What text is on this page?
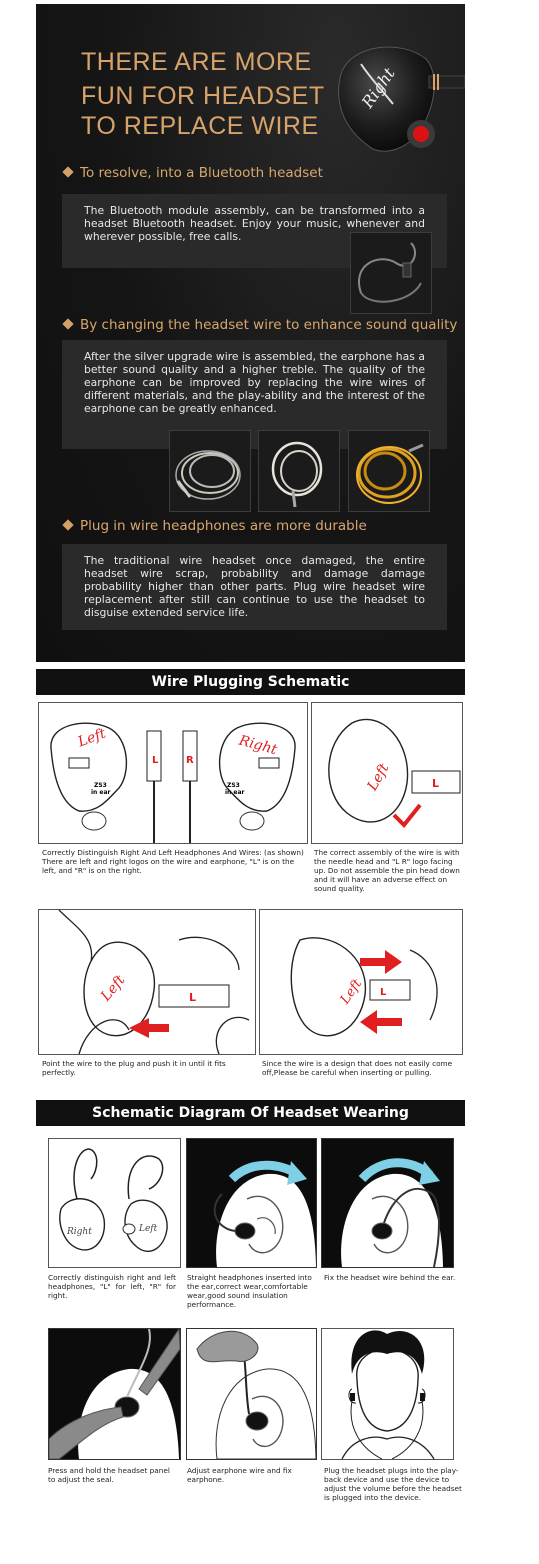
THERE ARE MORE
FUN FOR HEADSET
TO REPLACE WIRE
Right
To resolve, into a Bluetooth headset
The Bluetooth module assembly, can be transformed into a headset Bluetooth headset. Enjoy your music, whenever and wherever possible, free calls.
By changing the headset wire to enhance sound quality
After the silver upgrade wire is assembled, the earphone has a better sound quality and a higher treble. The quality of the earphone can be improved by replacing the wire wires of different materials, and the play-ability and the interest of the earphone can be greatly enhanced.
Plug in wire headphones are more durable
The traditional wire headset once damaged, the entire headset wire scrap, probability and damage damage probability higher than other parts. Plug wire headset wire replacement after still can continue to use the headset to disguise extended service life.
Wire Plugging Schematic
Left
ZS3
in ear
L	R
Right
ZS3
in ear	Left	L
Correctly Distinguish Right And Left Headphones And Wires: (as shown) There are left and right logos on the wire and earphone, "L" is on the left, and "R" is on the right.
The correct assembly of the wire is with the needle head and "L R" logo facing up. Do not assemble the pin head down and it will have an adverse effect on sound quality.
Left	L	Left L
Point the wire to the plug and push it in until it fits perfectly.
Since the wire is a design that does not easily come off,Please be careful when inserting or pulling.
Schematic Diagram Of Headset Wearing
Right	Left
Correctly distinguish right and left headphones, "L" for left, "R" for right.
Straight headphones inserted into the ear,correct wear,comfortable wear,good sound insulation performance.
Fix the headset wire behind the ear.
Press and hold the headset panel to adjust the seal.
Adjust earphone wire and fix earphone.
Plug the headset plugs into the play-back device and use the device to adjust the volume before the headset is plugged into the device.
